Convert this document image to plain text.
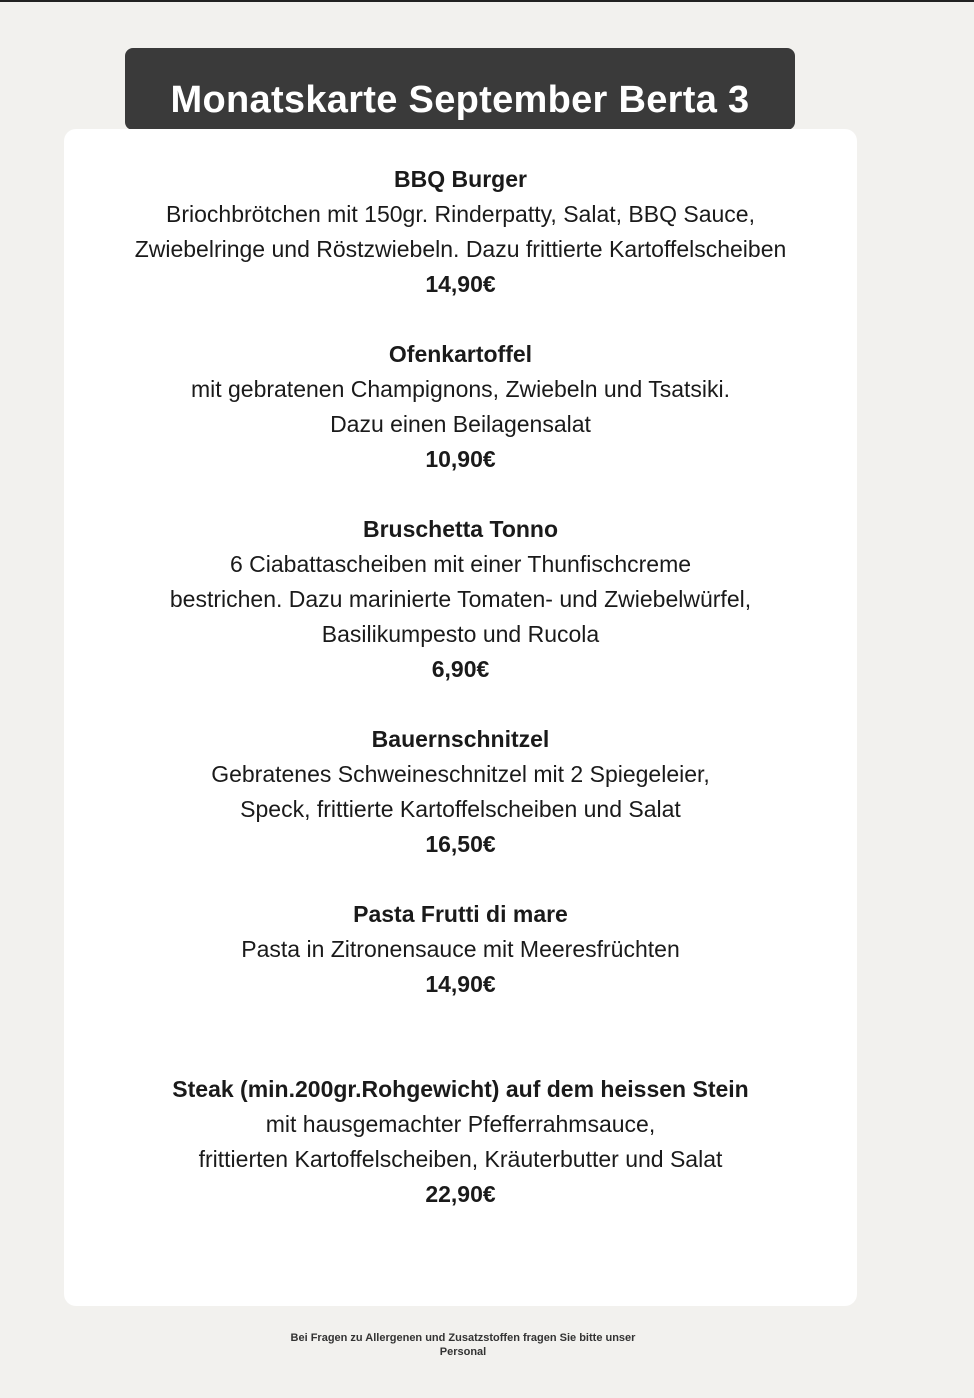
Monatskarte September Berta 3
BBQ Burger
Briochbrötchen mit 150gr. Rinderpatty, Salat, BBQ Sauce,
Zwiebelringe und Röstzwiebeln. Dazu frittierte Kartoffelscheiben
14,90€
Ofenkartoffel
mit gebratenen Champignons, Zwiebeln und Tsatsiki.
Dazu einen Beilagensalat
10,90€
Bruschetta Tonno
6 Ciabattascheiben mit einer Thunfischcreme
bestrichen. Dazu marinierte Tomaten- und Zwiebelwürfel,
Basilikumpesto und Rucola
6,90€
Bauernschnitzel
Gebratenes Schweineschnitzel mit 2 Spiegeleier,
Speck, frittierte Kartoffelscheiben und Salat
16,50€
Pasta Frutti di mare
Pasta in Zitronensauce mit Meeresfrüchten
14,90€
Steak (min.200gr.Rohgewicht) auf dem heissen Stein
mit hausgemachter Pfefferrahmsauce,
frittierten Kartoffelscheiben, Kräuterbutter und Salat
22,90€
Bei Fragen zu Allergenen und Zusatzstoffen fragen Sie bitte unser
Personal
